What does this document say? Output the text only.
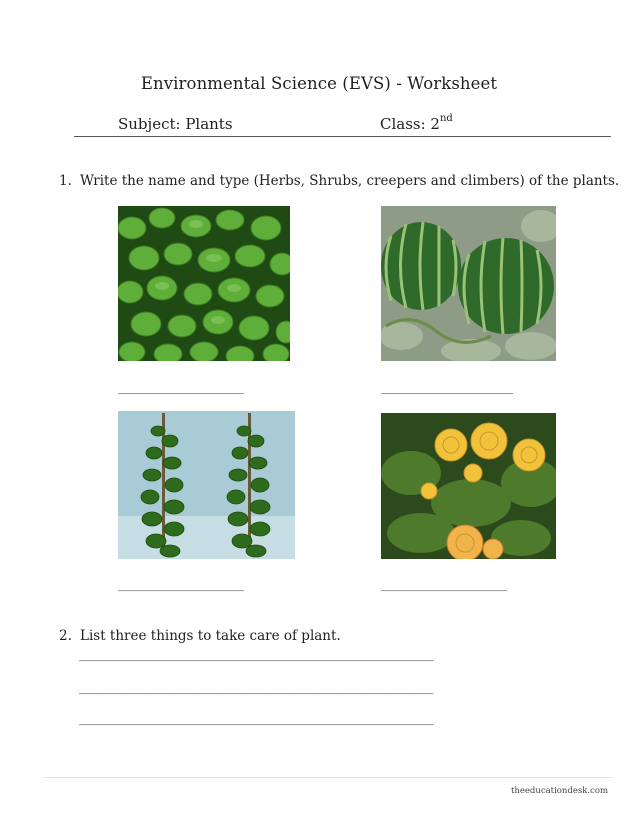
Environmental Science (EVS) - Worksheet
Subject: Plants	Class: 2nd
1. Write the name and type (Herbs, Shrubs, creepers and climbers) of the plants.
_____________________	______________________
_____________________	_____________________
2. List three things to take care of plant.
___________________________________________________________
___________________________________________________________
___________________________________________________________
theeducationdesk.com
